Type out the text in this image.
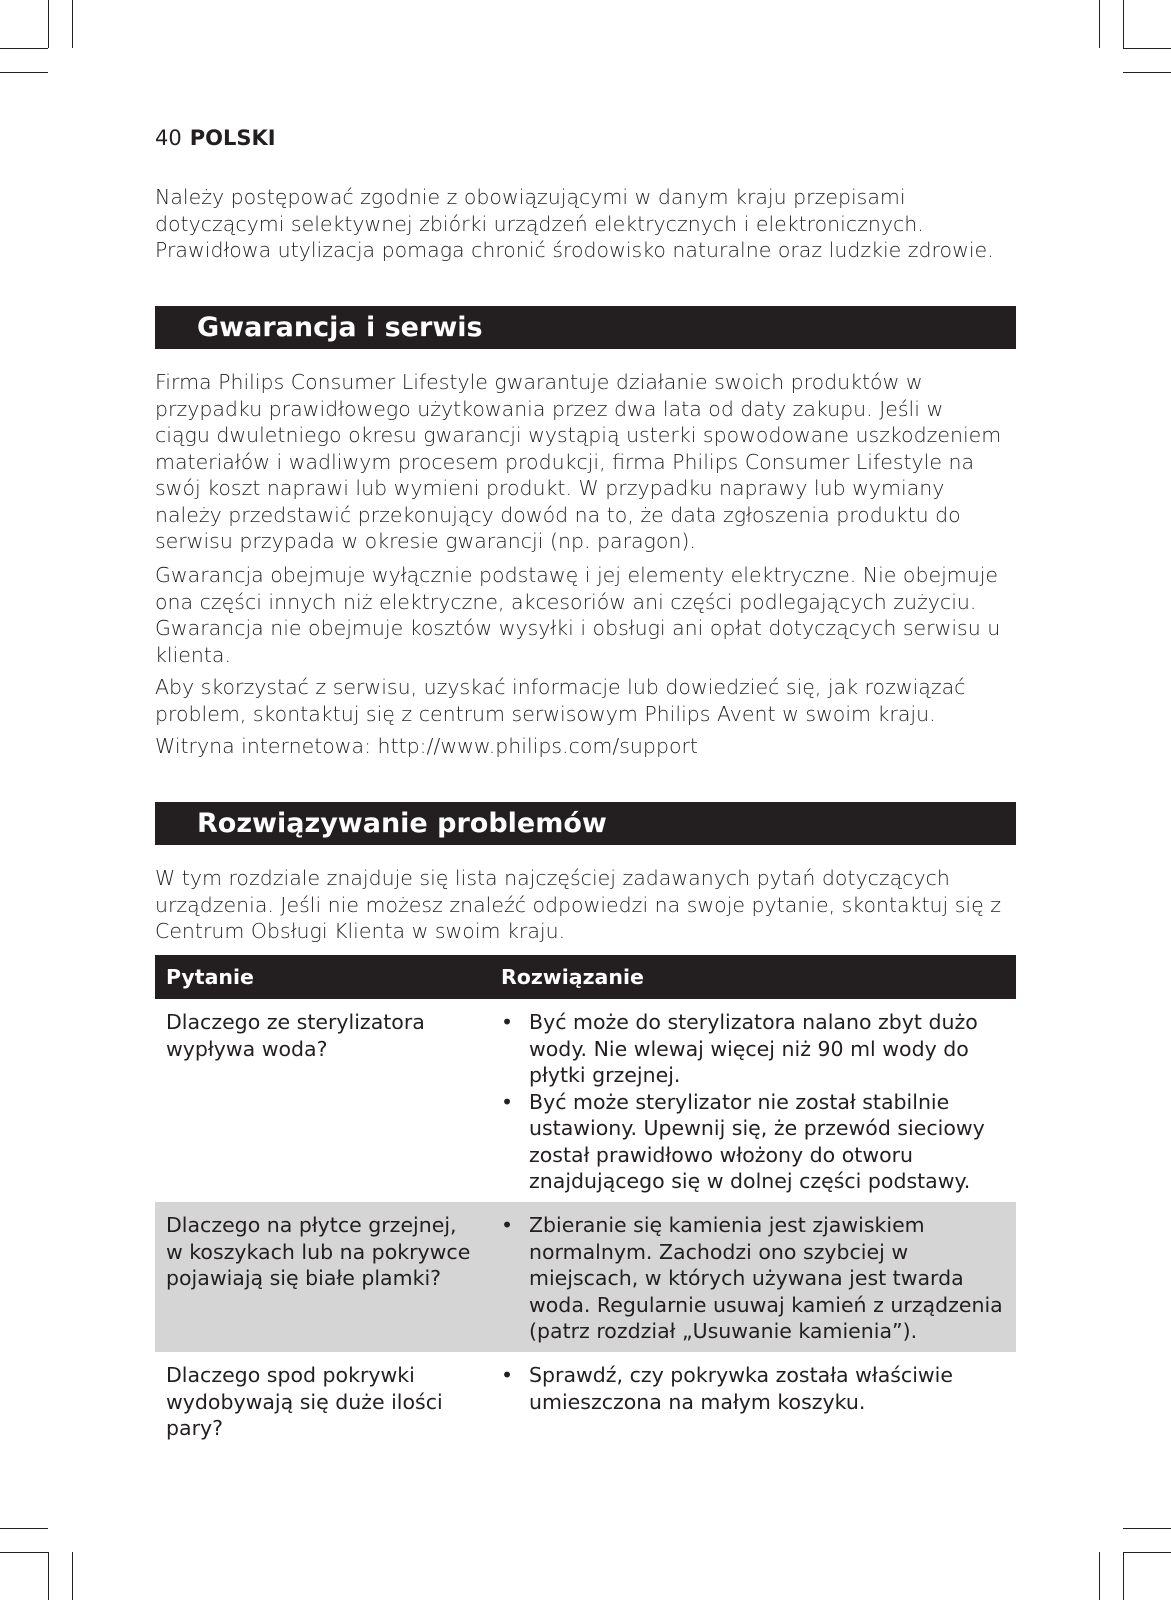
40 POLSKI

Należy postępować zgodnie z obowiązującymi w danym kraju przepisami
dotyczącymi selektywnej zbiórki urządzeń elektrycznych i elektronicznych.
Prawidłowa utylizacja pomaga chronić środowisko naturalne oraz ludzkie zdrowie.

Gwarancja i serwis

Firma Philips Consumer Lifestyle gwarantuje działanie swoich produktów w
przypadku prawidłowego użytkowania przez dwa lata od daty zakupu. Jeśli w
ciągu dwuletniego okresu gwarancji wystąpią usterki spowodowane uszkodzeniem
materiałów i wadliwym procesem produkcji, firma Philips Consumer Lifestyle na
swój koszt naprawi lub wymieni produkt. W przypadku naprawy lub wymiany
należy przedstawić przekonujący dowód na to, że data zgłoszenia produktu do
serwisu przypada w okresie gwarancji (np. paragon).

Gwarancja obejmuje wyłącznie podstawę i jej elementy elektryczne. Nie obejmuje
ona części innych niż elektryczne, akcesoriów ani części podlegających zużyciu.
Gwarancja nie obejmuje kosztów wysyłki i obsługi ani opłat dotyczących serwisu u
klienta.

Aby skorzystać z serwisu, uzyskać informacje lub dowiedzieć się, jak rozwiązać
problem, skontaktuj się z centrum serwisowym Philips Avent w swoim kraju.

Witryna internetowa: http://www.philips.com/support

Rozwiązywanie problemów

W tym rozdziale znajduje się lista najczęściej zadawanych pytań dotyczących
urządzenia. Jeśli nie możesz znaleźć odpowiedzi na swoje pytanie, skontaktuj się z
Centrum Obsługi Klienta w swoim kraju.

Pytanie	Rozwiązanie

Dlaczego ze sterylizatora
wypływa woda?

• Być może do sterylizatora nalano zbyt dużo
wody. Nie wlewaj więcej niż 90 ml wody do
płytki grzejnej.
• Być może sterylizator nie został stabilnie
ustawiony. Upewnij się, że przewód sieciowy
został prawidłowo włożony do otworu
znajdującego się w dolnej części podstawy.

Dlaczego na płytce grzejnej,
w koszykach lub na pokrywce
pojawiają się białe plamki?

• Zbieranie się kamienia jest zjawiskiem
normalnym. Zachodzi ono szybciej w
miejscach, w których używana jest twarda
woda. Regularnie usuwaj kamień z urządzenia
(patrz rozdział „Usuwanie kamienia”).

Dlaczego spod pokrywki
wydobywają się duże ilości
pary?

• Sprawdź, czy pokrywka została właściwie
umieszczona na małym koszyku.
